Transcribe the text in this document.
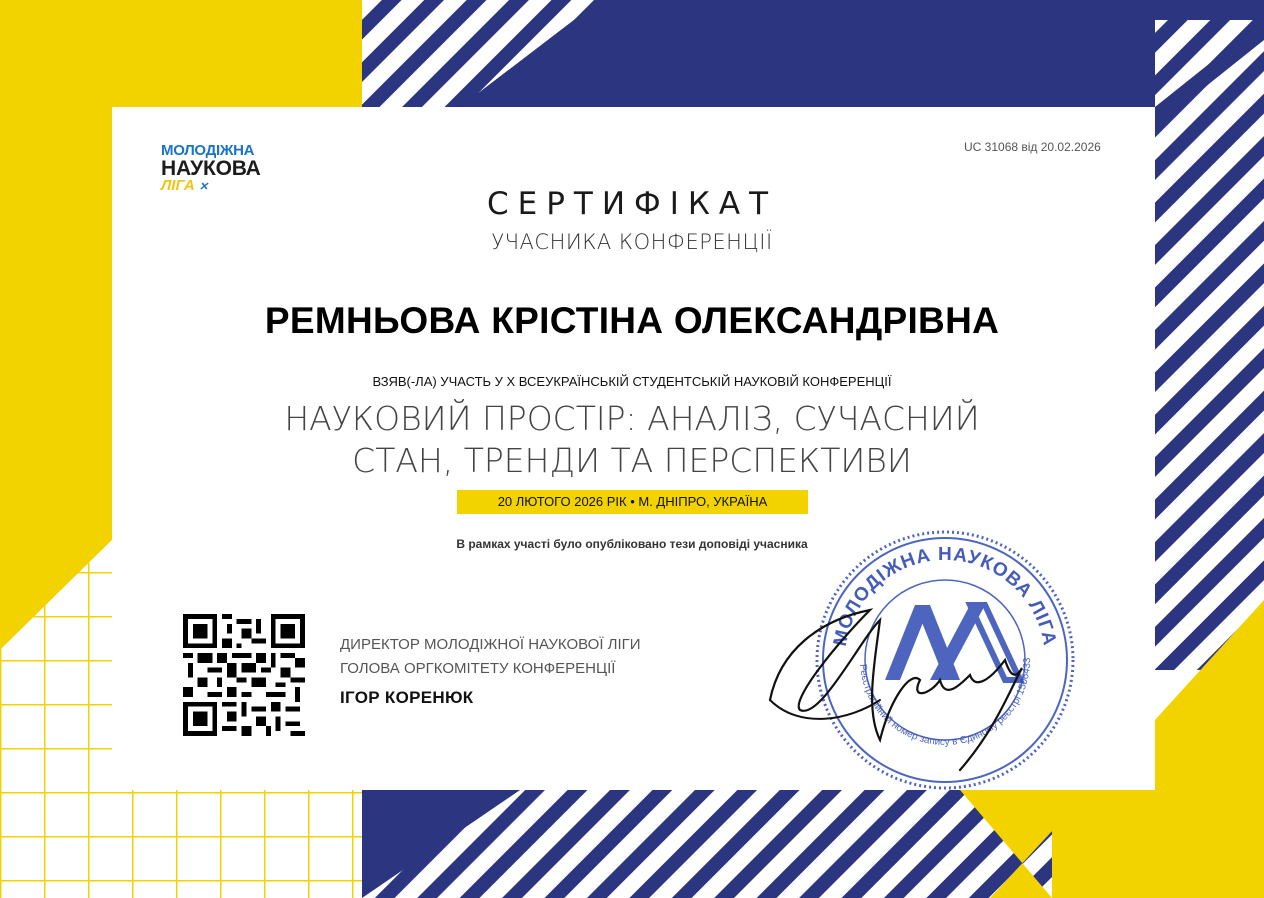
МОЛОДІЖНА
НАУКОВА
ЛІГА ✕
UC 31068 від 20.02.2026
СЕРТИФІКАТ
УЧАСНИКА КОНФЕРЕНЦІЇ
РЕМНЬОВА КРІСТІНА ОЛЕКСАНДРІВНА
ВЗЯВ(-ЛА) УЧАСТЬ У Х ВСЕУКРАЇНСЬКІЙ СТУДЕНТСЬКІЙ НАУКОВІЙ КОНФЕРЕНЦІЇ
НАУКОВИЙ ПРОСТІР: АНАЛІЗ, СУЧАСНИЙ
СТАН, ТРЕНДИ ТА ПЕРСПЕКТИВИ
20 ЛЮТОГО 2026 РІК • М. ДНІПРО, УКРАЇНА
В рамках участі було опубліковано тези доповіді учасника
ДИРЕКТОР МОЛОДІЖНОЇ НАУКОВОЇ ЛІГИ
ГОЛОВА ОРГКОМІТЕТУ КОНФЕРЕНЦІЇ
ІГОР КОРЕНЮК
МОЛОДІЖНА НАУКОВА ЛІГА
Реєстраційний номер запису в Єдиному реєстрі 1506433
